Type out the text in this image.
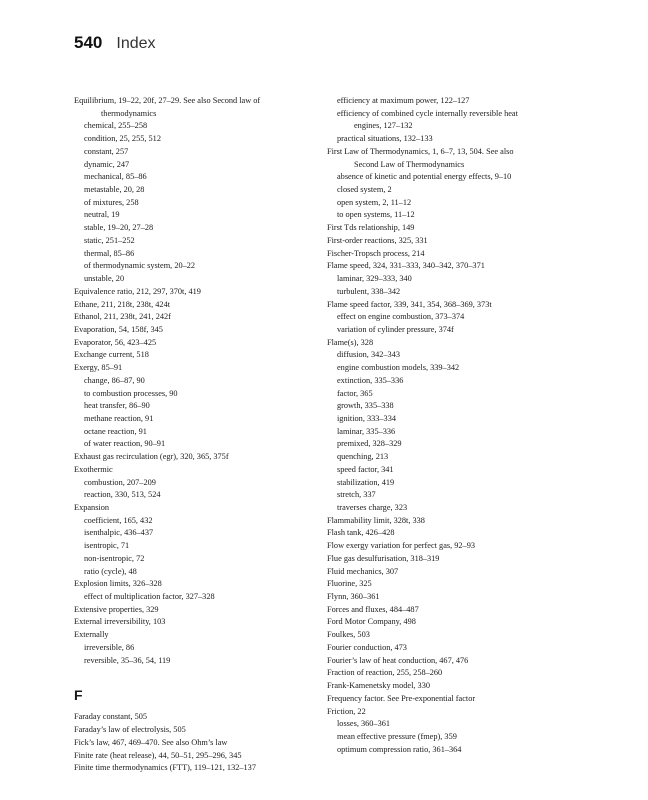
540 Index
Equilibrium, 19–22, 20f, 27–29. See also Second law of
thermodynamics
chemical, 255–258
condition, 25, 255, 512
constant, 257
dynamic, 247
mechanical, 85–86
metastable, 20, 28
of mixtures, 258
neutral, 19
stable, 19–20, 27–28
static, 251–252
thermal, 85–86
of thermodynamic system, 20–22
unstable, 20
Equivalence ratio, 212, 297, 370t, 419
Ethane, 211, 218t, 238t, 424t
Ethanol, 211, 238t, 241, 242f
Evaporation, 54, 158f, 345
Evaporator, 56, 423–425
Exchange current, 518
Exergy, 85–91
change, 86–87, 90
to combustion processes, 90
heat transfer, 86–90
methane reaction, 91
octane reaction, 91
of water reaction, 90–91
Exhaust gas recirculation (egr), 320, 365, 375f
Exothermic
combustion, 207–209
reaction, 330, 513, 524
Expansion
coefficient, 165, 432
isenthalpic, 436–437
isentropic, 71
non-isentropic, 72
ratio (cycle), 48
Explosion limits, 326–328
effect of multiplication factor, 327–328
Extensive properties, 329
External irreversibility, 103
Externally
irreversible, 86
reversible, 35–36, 54, 119
F
Faraday constant, 505
Faraday’s law of electrolysis, 505
Fick’s law, 467, 469–470. See also Ohm’s law
Finite rate (heat release), 44, 50–51, 295–296, 345
Finite time thermodynamics (FTT), 119–121, 132–137
efficiency at maximum power, 122–127
efficiency of combined cycle internally reversible heat
engines, 127–132
practical situations, 132–133
First Law of Thermodynamics, 1, 6–7, 13, 504. See also
Second Law of Thermodynamics
absence of kinetic and potential energy effects, 9–10
closed system, 2
open system, 2, 11–12
to open systems, 11–12
First Tds relationship, 149
First-order reactions, 325, 331
Fischer-Tropsch process, 214
Flame speed, 324, 331–333, 340–342, 370–371
laminar, 329–333, 340
turbulent, 338–342
Flame speed factor, 339, 341, 354, 368–369, 373t
effect on engine combustion, 373–374
variation of cylinder pressure, 374f
Flame(s), 328
diffusion, 342–343
engine combustion models, 339–342
extinction, 335–336
factor, 365
growth, 335–338
ignition, 333–334
laminar, 335–336
premixed, 328–329
quenching, 213
speed factor, 341
stabilization, 419
stretch, 337
traverses charge, 323
Flammability limit, 328t, 338
Flash tank, 426–428
Flow exergy variation for perfect gas, 92–93
Flue gas desulfurisation, 318–319
Fluid mechanics, 307
Fluorine, 325
Flynn, 360–361
Forces and fluxes, 484–487
Ford Motor Company, 498
Foulkes, 503
Fourier conduction, 473
Fourier’s law of heat conduction, 467, 476
Fraction of reaction, 255, 258–260
Frank-Kamenetsky model, 330
Frequency factor. See Pre-exponential factor
Friction, 22
losses, 360–361
mean effective pressure (fmep), 359
optimum compression ratio, 361–364
